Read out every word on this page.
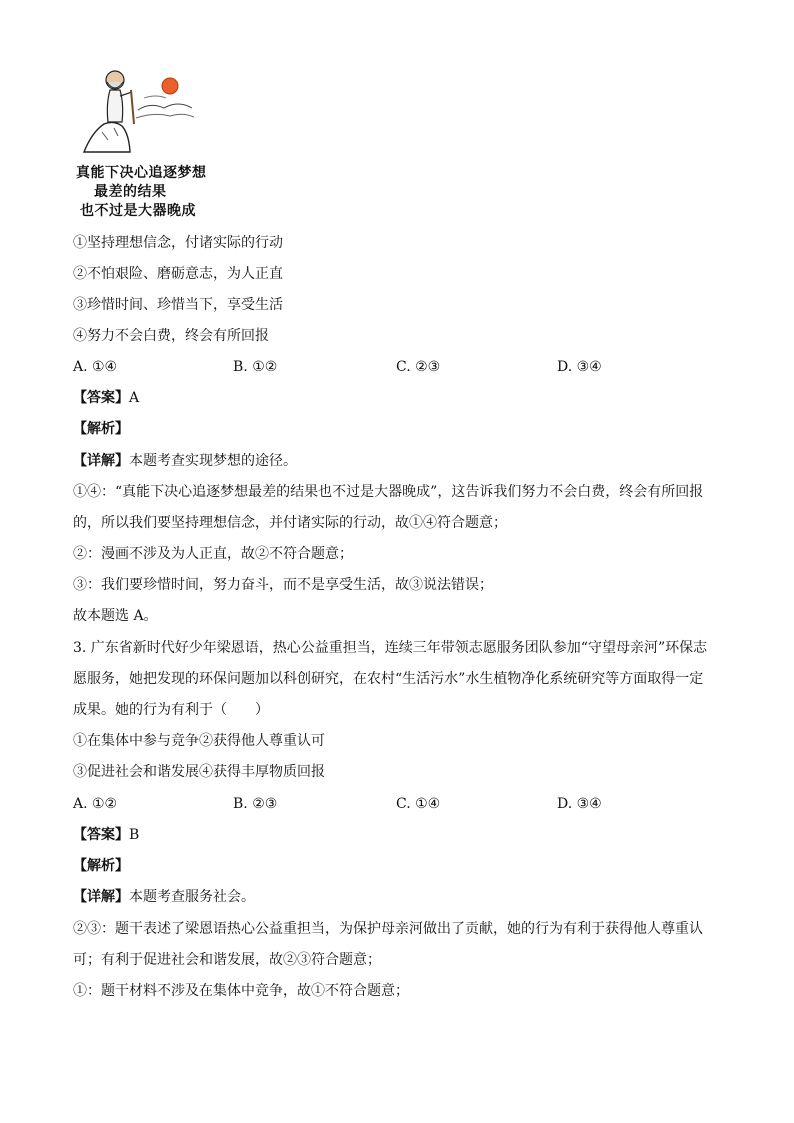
真能下决心追逐梦想
最差的结果
也不过是大器晚成
①坚持理想信念，付诸实际的行动
②不怕艰险、磨砺意志，为人正直
③珍惜时间、珍惜当下，享受生活
④努力不会白费，终会有所回报
A. ①④	B. ①②	C. ②③	D. ③④
【答案】A
【解析】
【详解】本题考查实现梦想的途径。
①④：“真能下决心追逐梦想最差的结果也不过是大器晚成”，这告诉我们努力不会白费，终会有所回报
的，所以我们要坚持理想信念，并付诸实际的行动，故①④符合题意；
②：漫画不涉及为人正直，故②不符合题意；
③：我们要珍惜时间，努力奋斗，而不是享受生活，故③说法错误；
故本题选 A。
3. 广东省新时代好少年梁恩语，热心公益重担当，连续三年带领志愿服务团队参加“守望母亲河”环保志
愿服务，她把发现的环保问题加以科创研究，在农村“生活污水”水生植物净化系统研究等方面取得一定
成果。她的行为有利于（　　）
①在集体中参与竞争②获得他人尊重认可
③促进社会和谐发展④获得丰厚物质回报
A. ①②	B. ②③	C. ①④	D. ③④
【答案】B
【解析】
【详解】本题考查服务社会。
②③：题干表述了梁恩语热心公益重担当，为保护母亲河做出了贡献，她的行为有利于获得他人尊重认
可；有利于促进社会和谐发展，故②③符合题意；
①：题干材料不涉及在集体中竞争，故①不符合题意；
